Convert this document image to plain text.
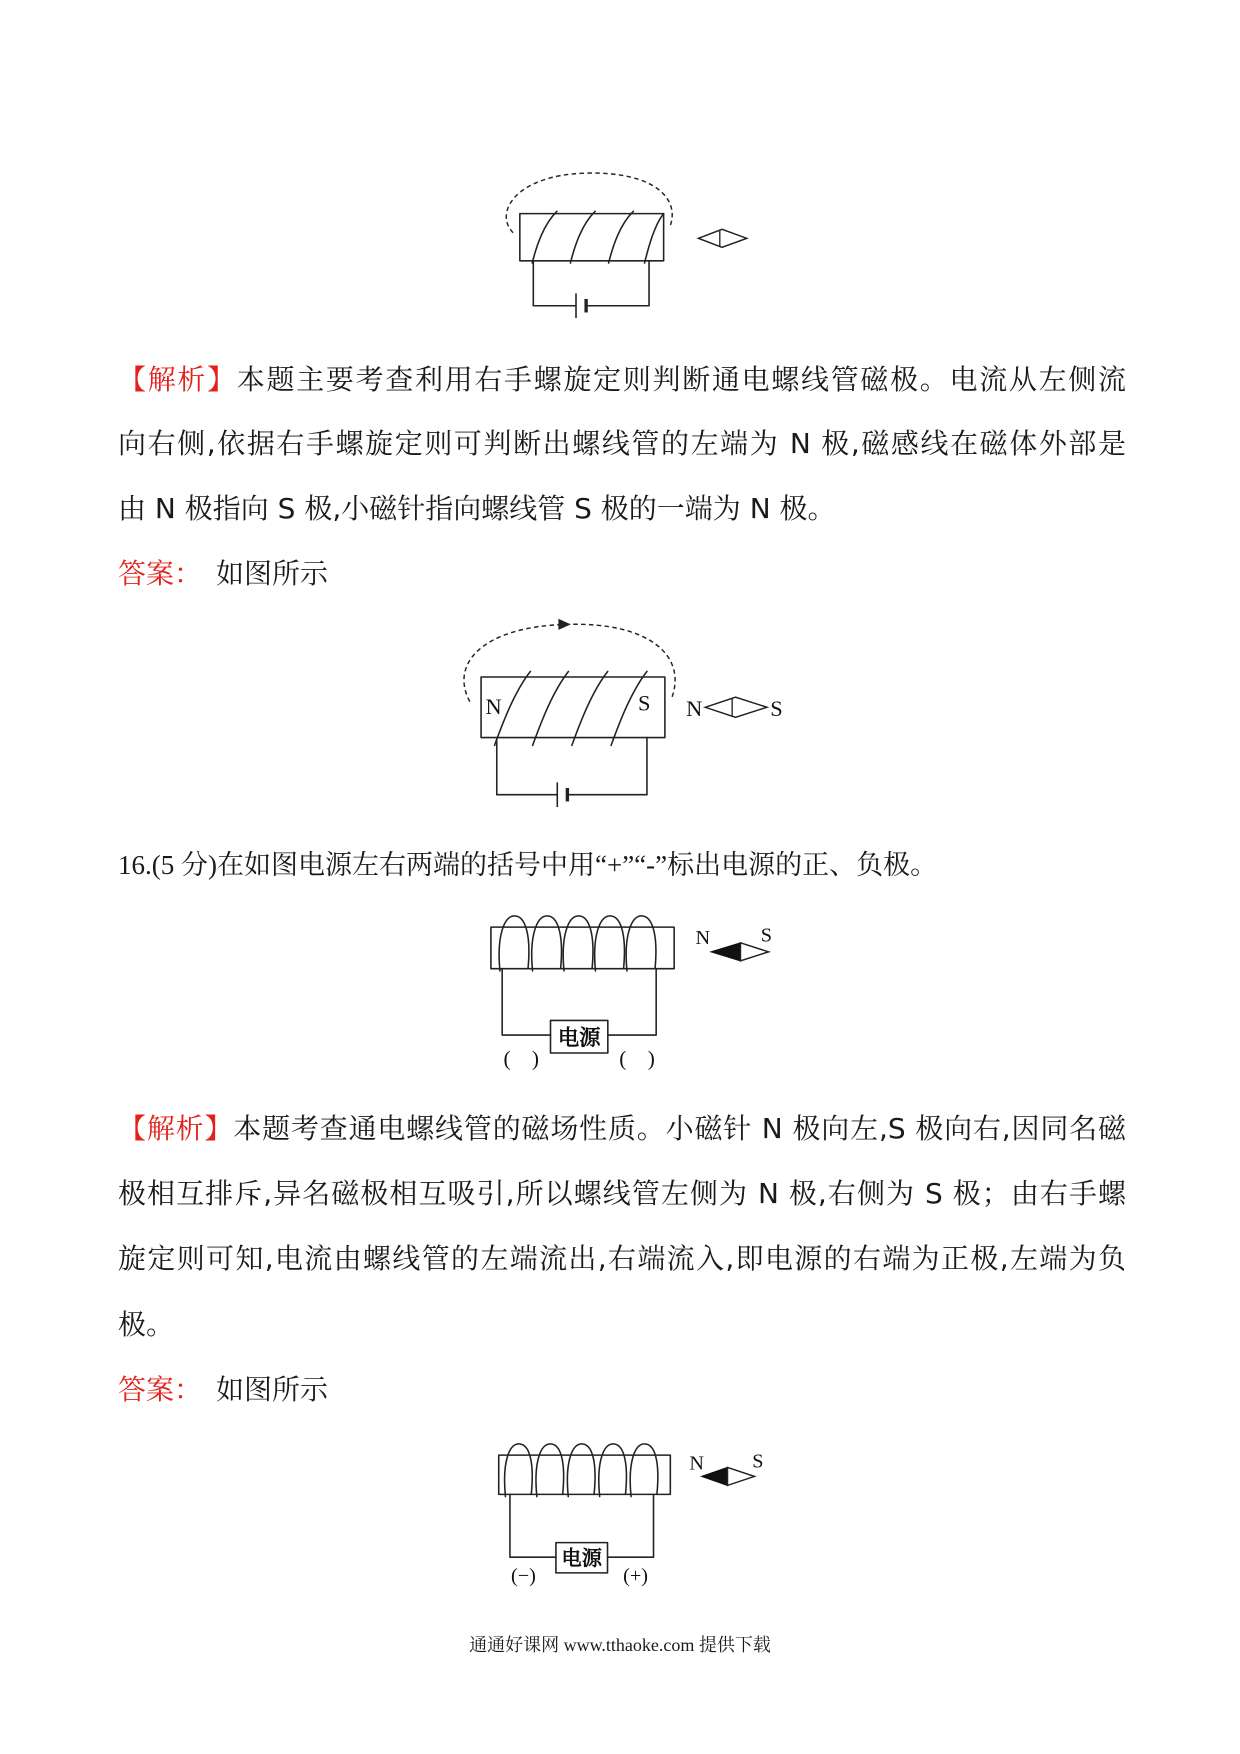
【解析】本题主要考查利用右手螺旋定则判断通电螺线管磁极。电流从左侧流
向右侧,依据右手螺旋定则可判断出螺线管的左端为 N 极,磁感线在磁体外部是
由 N 极指向 S 极,小磁针指向螺线管 S 极的一端为 N 极。
答案： 如图所示
N	S N	S
16.(5 分)在如图电源左右两端的括号中用“+”“-”标出电源的正、负极。
电源
(    )	(    )
N	S
【解析】本题考查通电螺线管的磁场性质。小磁针 N 极向左,S 极向右,因同名磁
极相互排斥,异名磁极相互吸引,所以螺线管左侧为 N 极,右侧为 S 极；由右手螺
旋定则可知,电流由螺线管的左端流出,右端流入,即电源的右端为正极,左端为负
极。
答案： 如图所示
电源
(−)	(+)
N	S
通通好课网 www.tthaoke.com 提供下载
